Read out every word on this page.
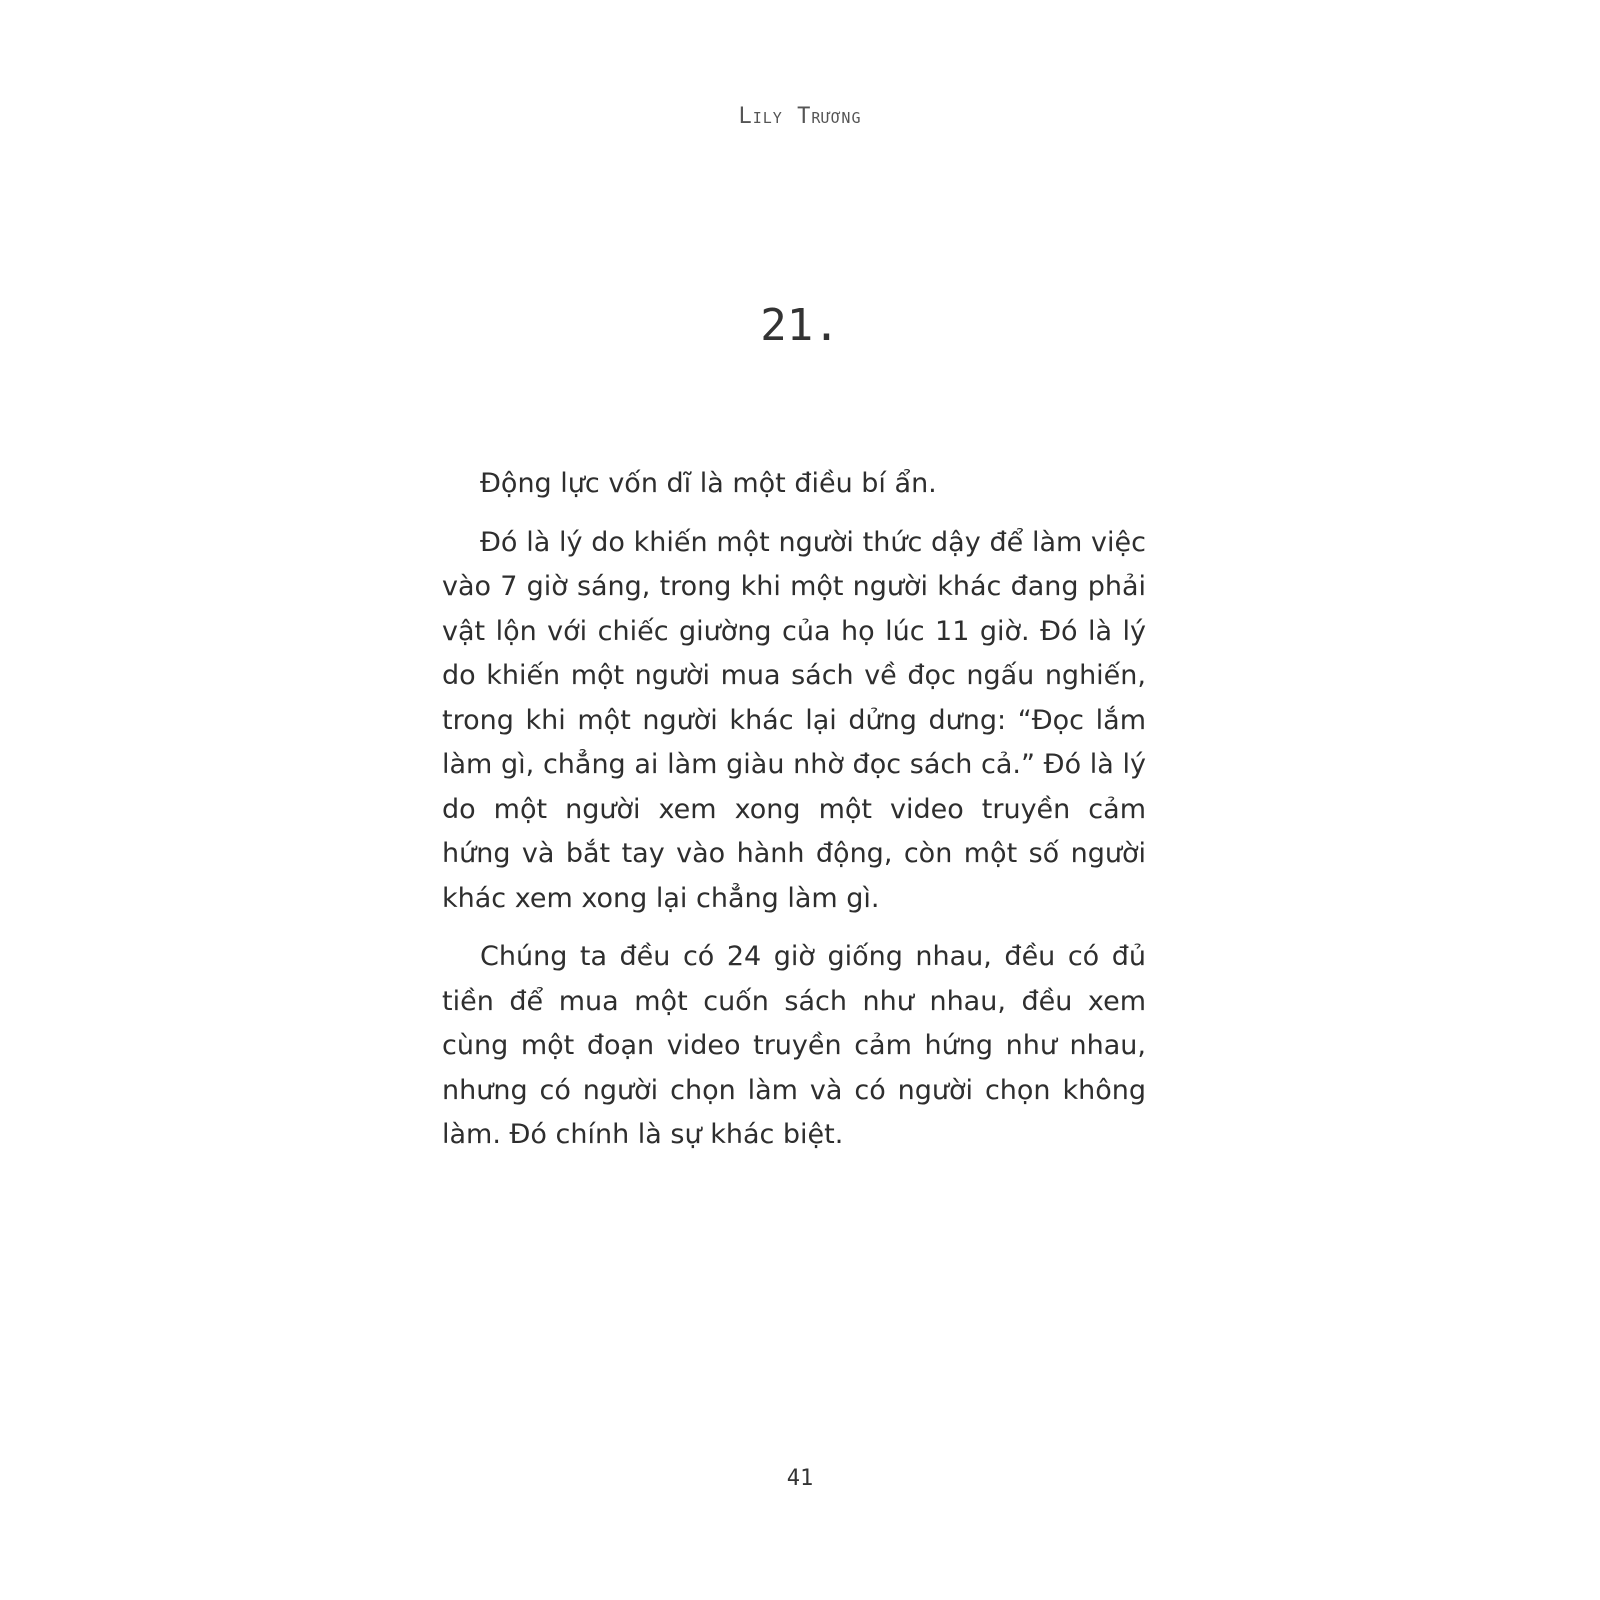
Lily Trương
21.

Động lực vốn dĩ là một điều bí ẩn.

Đó là lý do khiến một người thức dậy để làm việc vào 7 giờ sáng, trong khi một người khác đang phải vật lộn với chiếc giường của họ lúc 11 giờ. Đó là lý do khiến một người mua sách về đọc ngấu nghiến, trong khi một người khác lại dửng dưng: “Đọc lắm làm gì, chẳng ai làm giàu nhờ đọc sách cả.” Đó là lý do một người xem xong một video truyền cảm hứng và bắt tay vào hành động, còn một số người khác xem xong lại chẳng làm gì.

Chúng ta đều có 24 giờ giống nhau, đều có đủ tiền để mua một cuốn sách như nhau, đều xem cùng một đoạn video truyền cảm hứng như nhau, nhưng có người chọn làm và có người chọn không làm. Đó chính là sự khác biệt.

41
